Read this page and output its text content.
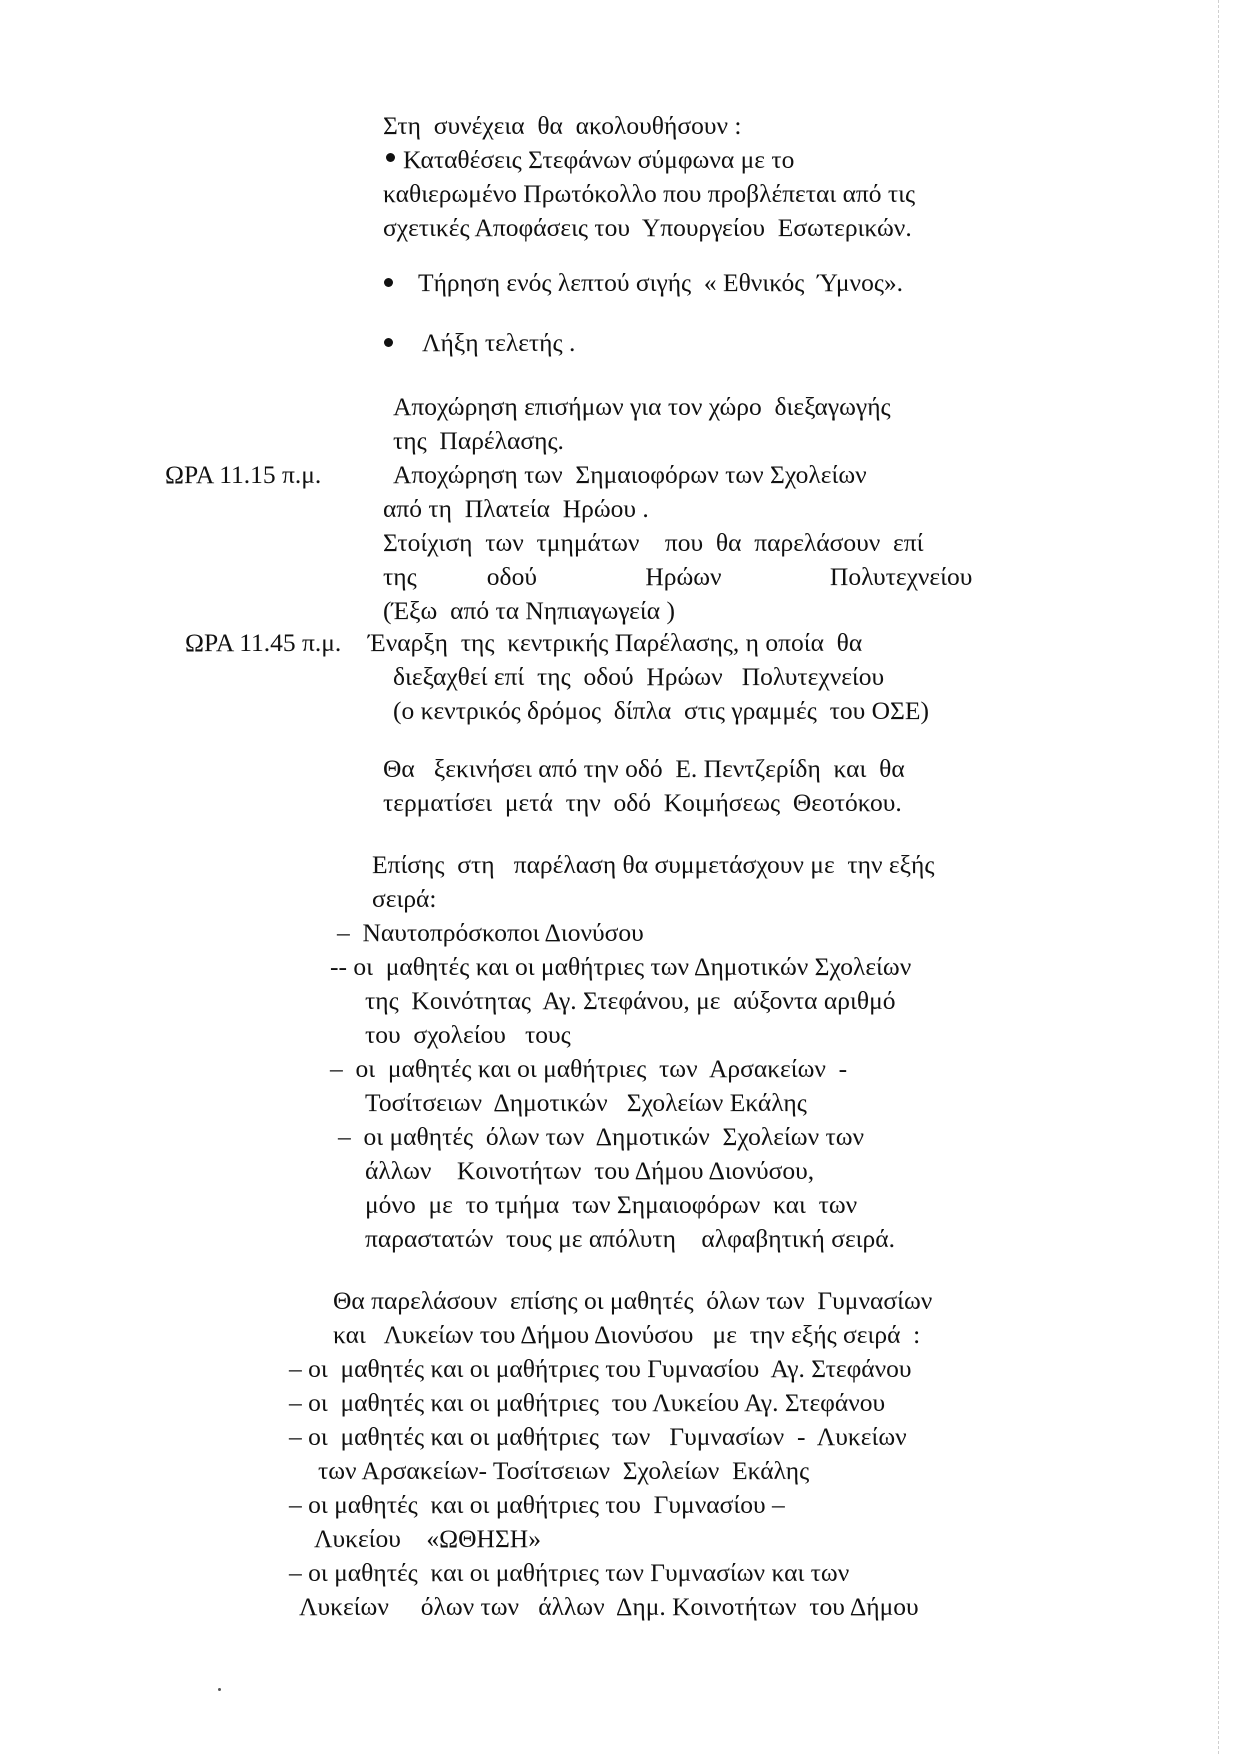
Στη  συνέχεια  θα  ακολουθήσουν :
Καταθέσεις Στεφάνων σύμφωνα με το
καθιερωμένο Πρωτόκολλο που προβλέπεται από τις
σχετικές Αποφάσεις του  Υπουργείου  Εσωτερικών.
Τήρηση ενός λεπτού σιγής  « Εθνικός  Ύμνος».
Λήξη τελετής .
Αποχώρηση επισήμων για τον χώρο  διεξαγωγής
της  Παρέλασης.
ΩΡΑ 11.15 π.μ.	Αποχώρηση των  Σημαιοφόρων των Σχολείων
από τη  Πλατεία  Ηρώου .
Στοίχιση  των  τμημάτων    που  θα  παρελάσουν  επί
της           οδού                 Ηρώων                 Πολυτεχνείου
(Έξω  από τα Νηπιαγωγεία )
ΩΡΑ 11.45 π.μ. Έναρξη  της  κεντρικής Παρέλασης, η οποία  θα
διεξαχθεί επί  της  οδού  Ηρώων   Πολυτεχνείου
(ο κεντρικός δρόμος  δίπλα  στις γραμμές  του ΟΣΕ)
Θα   ξεκινήσει από την οδό  Ε. Πεντζερίδη  και  θα
τερματίσει  μετά  την  οδό  Κοιμήσεως  Θεοτόκου.
Επίσης  στη   παρέλαση θα συμμετάσχουν με  την εξής
σειρά:
–  Ναυτοπρόσκοποι Διονύσου
-- οι  μαθητές και οι μαθήτριες των Δημοτικών Σχολείων
της  Κοινότητας  Αγ. Στεφάνου, με  αύξοντα αριθμό
του  σχολείου   τους
–  οι  μαθητές και οι μαθήτριες  των  Αρσακείων  -
Τοσίτσειων  Δημοτικών   Σχολείων Εκάλης
–  οι μαθητές  όλων των  Δημοτικών  Σχολείων των
άλλων    Κοινοτήτων  του Δήμου Διονύσου,
μόνο  με  το τμήμα  των Σημαιοφόρων  και  των
παραστατών  τους με απόλυτη    αλφαβητική σειρά.
Θα παρελάσουν  επίσης οι μαθητές  όλων των  Γυμνασίων
και   Λυκείων του Δήμου Διονύσου   με  την εξής σειρά  :
– οι  μαθητές και οι μαθήτριες του Γυμνασίου  Αγ. Στεφάνου
– οι  μαθητές και οι μαθήτριες  του Λυκείου Αγ. Στεφάνου
– οι  μαθητές και οι μαθήτριες  των   Γυμνασίων  -  Λυκείων
των Αρσακείων- Τοσίτσειων  Σχολείων  Εκάλης
– οι μαθητές  και οι μαθήτριες του  Γυμνασίου –
Λυκείου    «ΩΘΗΣΗ»
– οι μαθητές  και οι μαθήτριες των Γυμνασίων και των
Λυκείων     όλων των   άλλων  Δημ. Κοινοτήτων  του Δήμου
